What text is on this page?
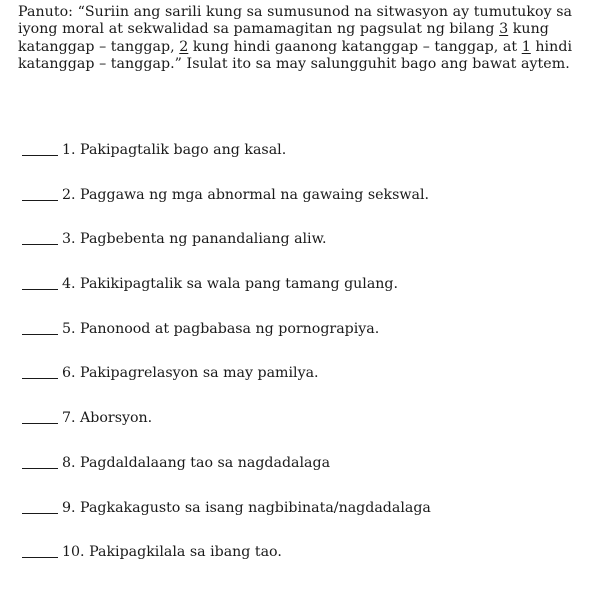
Panuto: “Suriin ang sarili kung sa sumusunod na sitwasyon ay tumutukoy sa iyong moral at sekwalidad sa pamamagitan ng pagsulat ng bilang 3 kung katanggap – tanggap, 2 kung hindi gaanong katanggap – tanggap, at 1 hindi katanggap – tanggap.” Isulat ito sa may salungguhit bago ang bawat aytem.
1. Pakipagtalik bago ang kasal.
2. Paggawa ng mga abnormal na gawaing sekswal.
3. Pagbebenta ng panandaliang aliw.
4. Pakikipagtalik sa wala pang tamang gulang.
5. Panonood at pagbabasa ng pornograpiya.
6. Pakipagrelasyon sa may pamilya.
7. Aborsyon.
8. Pagdaldalaang tao sa nagdadalaga
9. Pagkakagusto sa isang nagbibinata/nagdadalaga
10. Pakipagkilala sa ibang tao.
